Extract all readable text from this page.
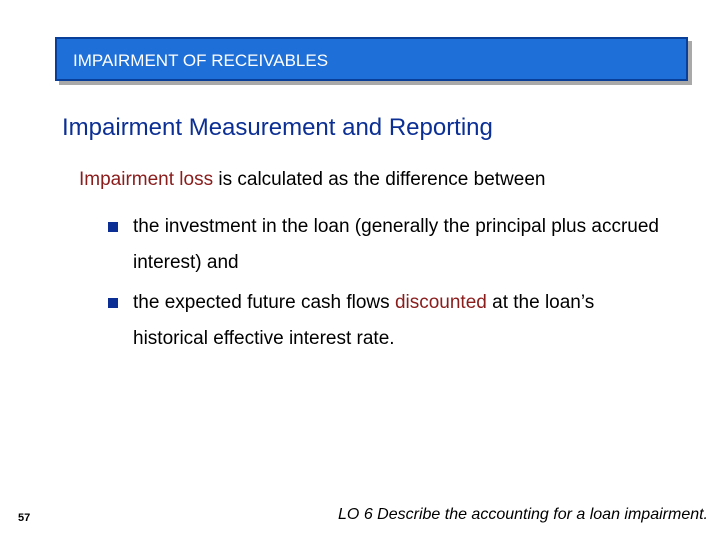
IMPAIRMENT OF RECEIVABLES
Impairment Measurement and Reporting
Impairment loss is calculated as the difference between
the investment in the loan (generally the principal plus accrued interest) and
the expected future cash flows discounted at the loan’s historical effective interest rate.
57	LO 6 Describe the accounting for a loan impairment.
